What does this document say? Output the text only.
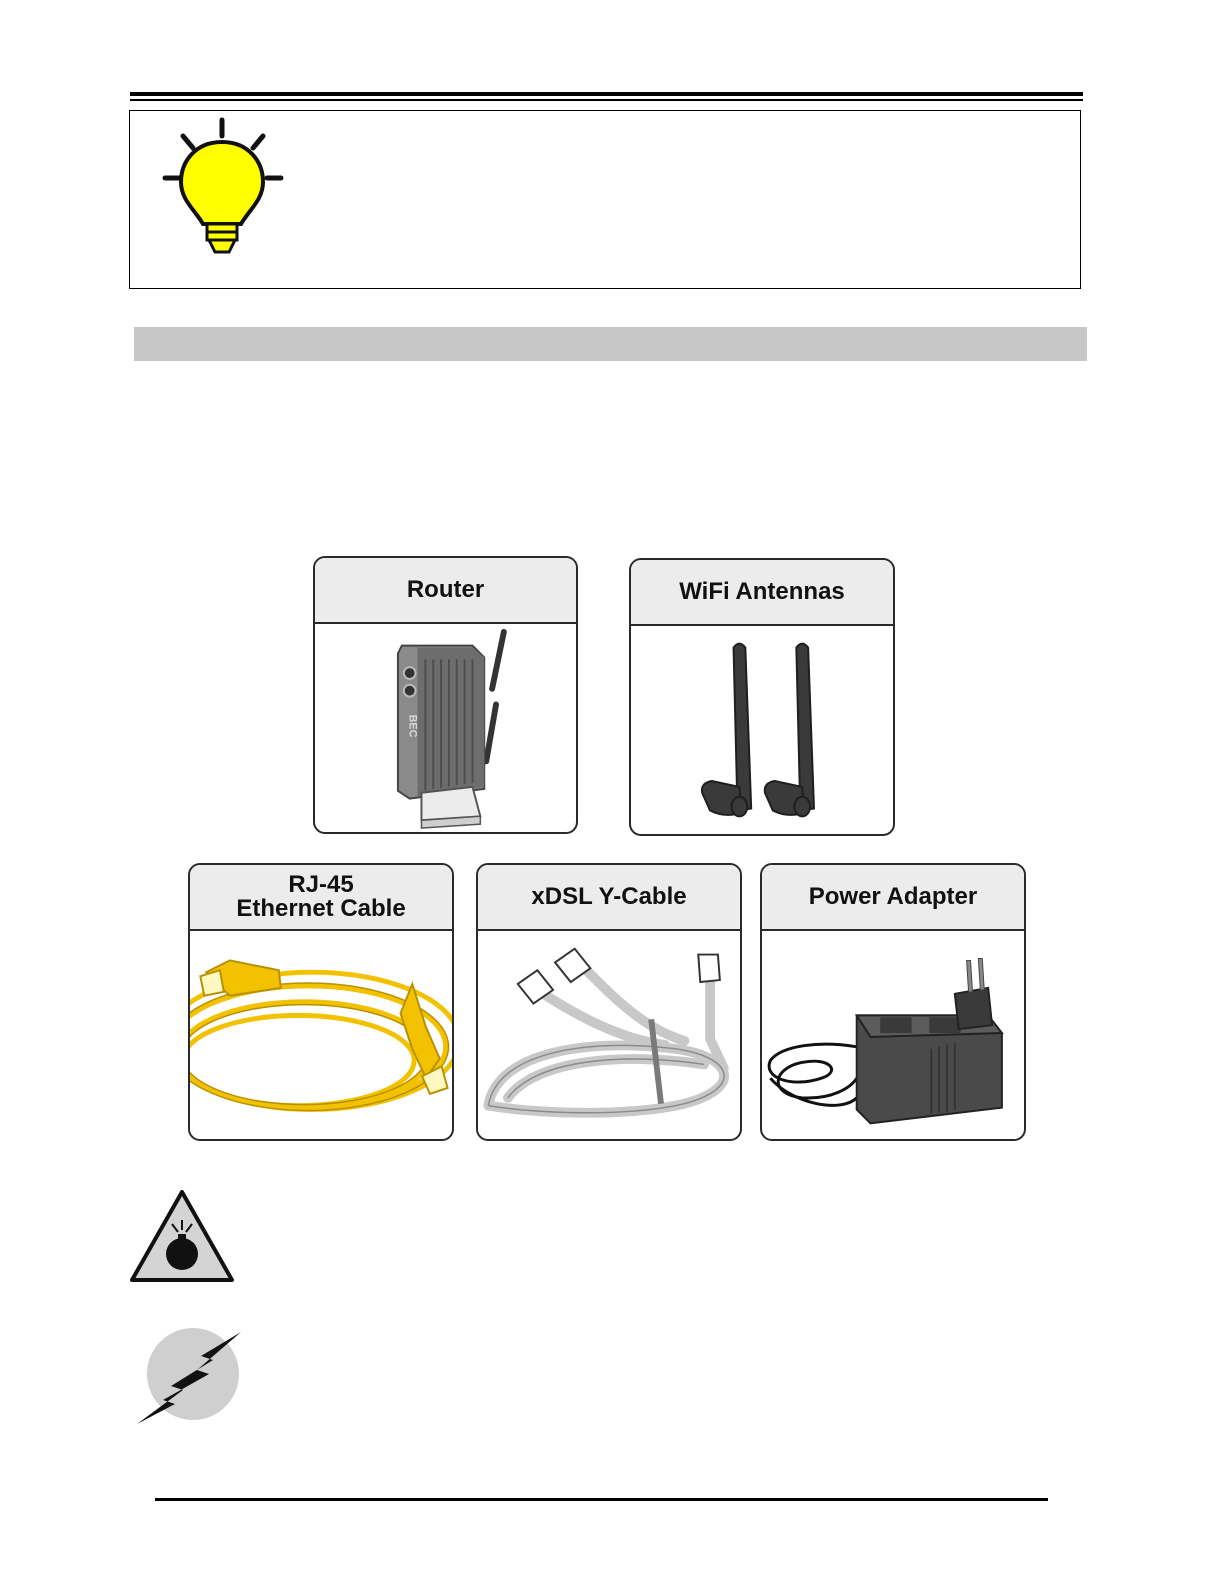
Router
BEC
WiFi Antennas
RJ-45
Ethernet Cable	xDSL Y-Cable	Power Adapter
